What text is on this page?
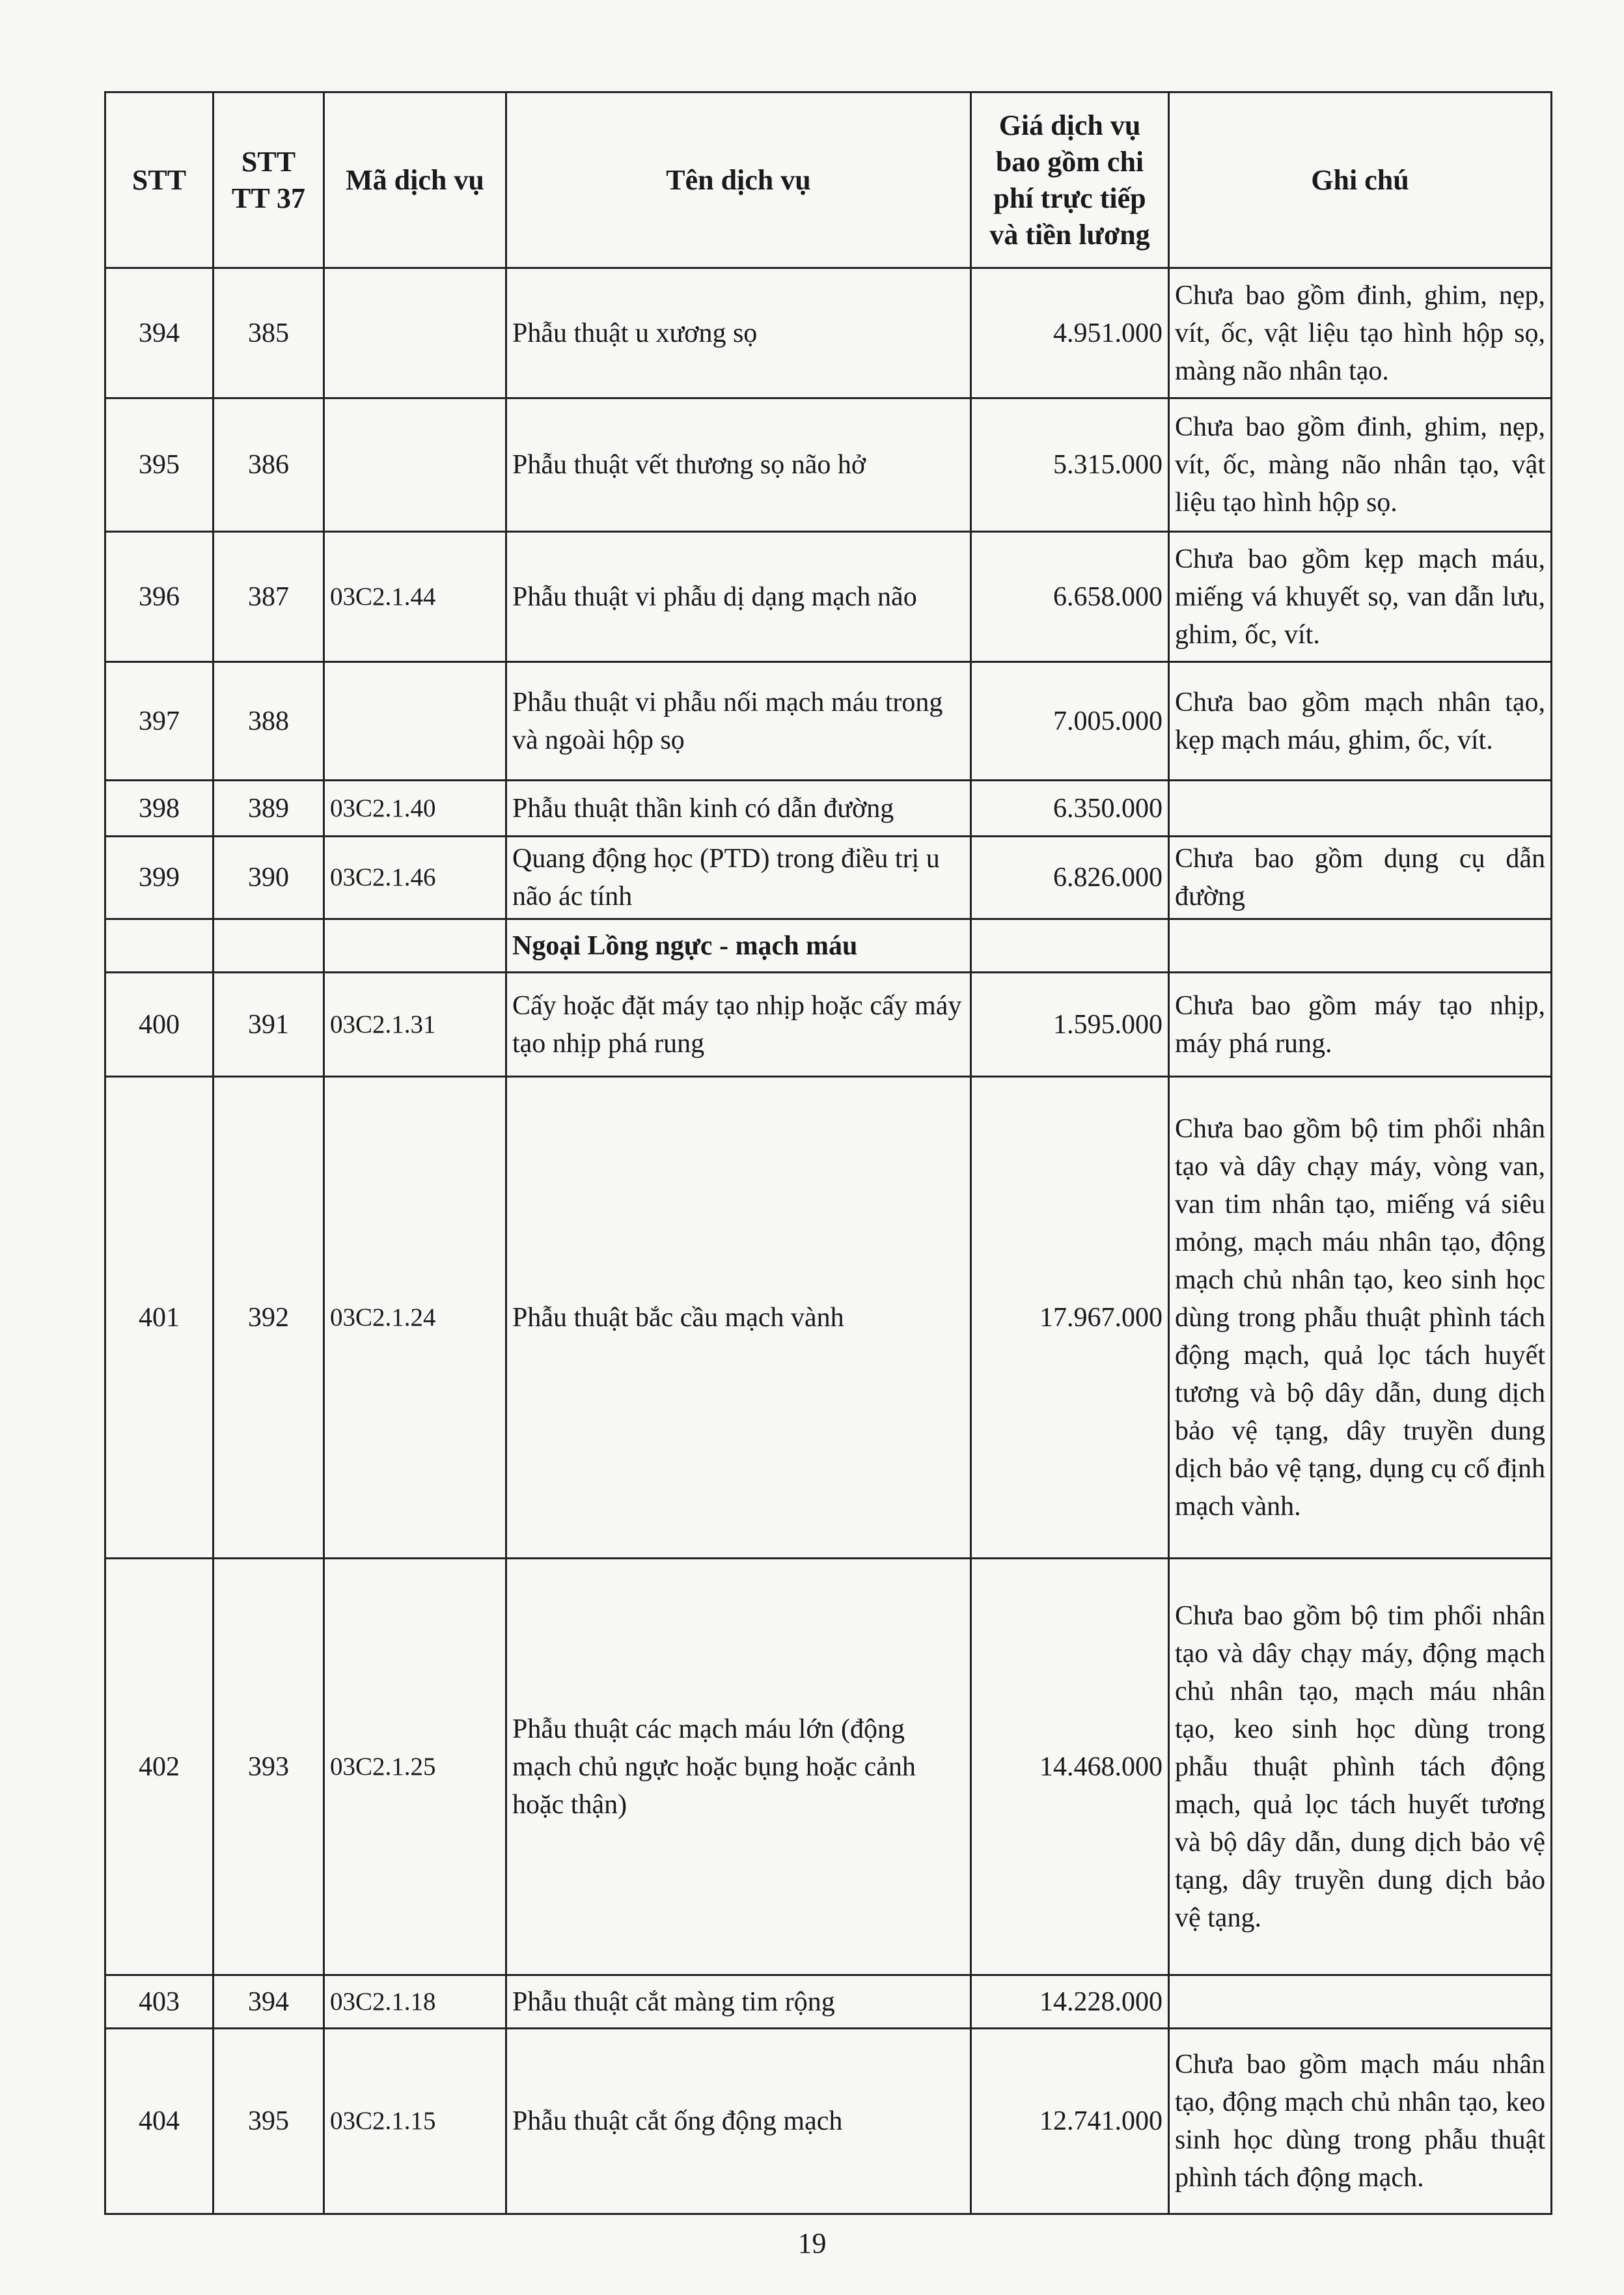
STT	STT TT 37	Mã dịch vụ	Tên dịch vụ	Giá dịch vụ bao gồm chi phí trực tiếp và tiền lương	Ghi chú
394	385		Phẫu thuật u xương sọ	4.951.000	Chưa bao gồm đinh, ghim, nẹp, vít, ốc, vật liệu tạo hình hộp sọ, màng não nhân tạo.
395	386		Phẫu thuật vết thương sọ não hở	5.315.000	Chưa bao gồm đinh, ghim, nẹp, vít, ốc, màng não nhân tạo, vật liệu tạo hình hộp sọ.
396	387	03C2.1.44	Phẫu thuật vi phẫu dị dạng mạch não	6.658.000	Chưa bao gồm kẹp mạch máu, miếng vá khuyết sọ, van dẫn lưu, ghim, ốc, vít.
397	388		Phẫu thuật vi phẫu nối mạch máu trong và ngoài hộp sọ	7.005.000	Chưa bao gồm mạch nhân tạo, kẹp mạch máu, ghim, ốc, vít.
398	389	03C2.1.40	Phẫu thuật thần kinh có dẫn đường	6.350.000	
399	390	03C2.1.46	Quang động học (PTD) trong điều trị u não ác tính	6.826.000	Chưa bao gồm dụng cụ dẫn đường
			Ngoại Lồng ngực - mạch máu		
400	391	03C2.1.31	Cấy hoặc đặt máy tạo nhịp hoặc cấy máy tạo nhịp phá rung	1.595.000	Chưa bao gồm máy tạo nhịp, máy phá rung.
401	392	03C2.1.24	Phẫu thuật bắc cầu mạch vành	17.967.000	Chưa bao gồm bộ tim phổi nhân tạo và dây chạy máy, vòng van, van tim nhân tạo, miếng vá siêu mỏng, mạch máu nhân tạo, động mạch chủ nhân tạo, keo sinh học dùng trong phẫu thuật phình tách động mạch, quả lọc tách huyết tương và bộ dây dẫn, dung dịch bảo vệ tạng, dây truyền dung dịch bảo vệ tạng, dụng cụ cố định mạch vành.
402	393	03C2.1.25	Phẫu thuật các mạch máu lớn (động mạch chủ ngực hoặc bụng hoặc cảnh hoặc thận)	14.468.000	Chưa bao gồm bộ tim phổi nhân tạo và dây chạy máy, động mạch chủ nhân tạo, mạch máu nhân tạo, keo sinh học dùng trong phẫu thuật phình tách động mạch, quả lọc tách huyết tương và bộ dây dẫn, dung dịch bảo vệ tạng, dây truyền dung dịch bảo vệ tạng.
403	394	03C2.1.18	Phẫu thuật cắt màng tim rộng	14.228.000	
404	395	03C2.1.15	Phẫu thuật cắt ống động mạch	12.741.000	Chưa bao gồm mạch máu nhân tạo, động mạch chủ nhân tạo, keo sinh học dùng trong phẫu thuật phình tách động mạch.
19
